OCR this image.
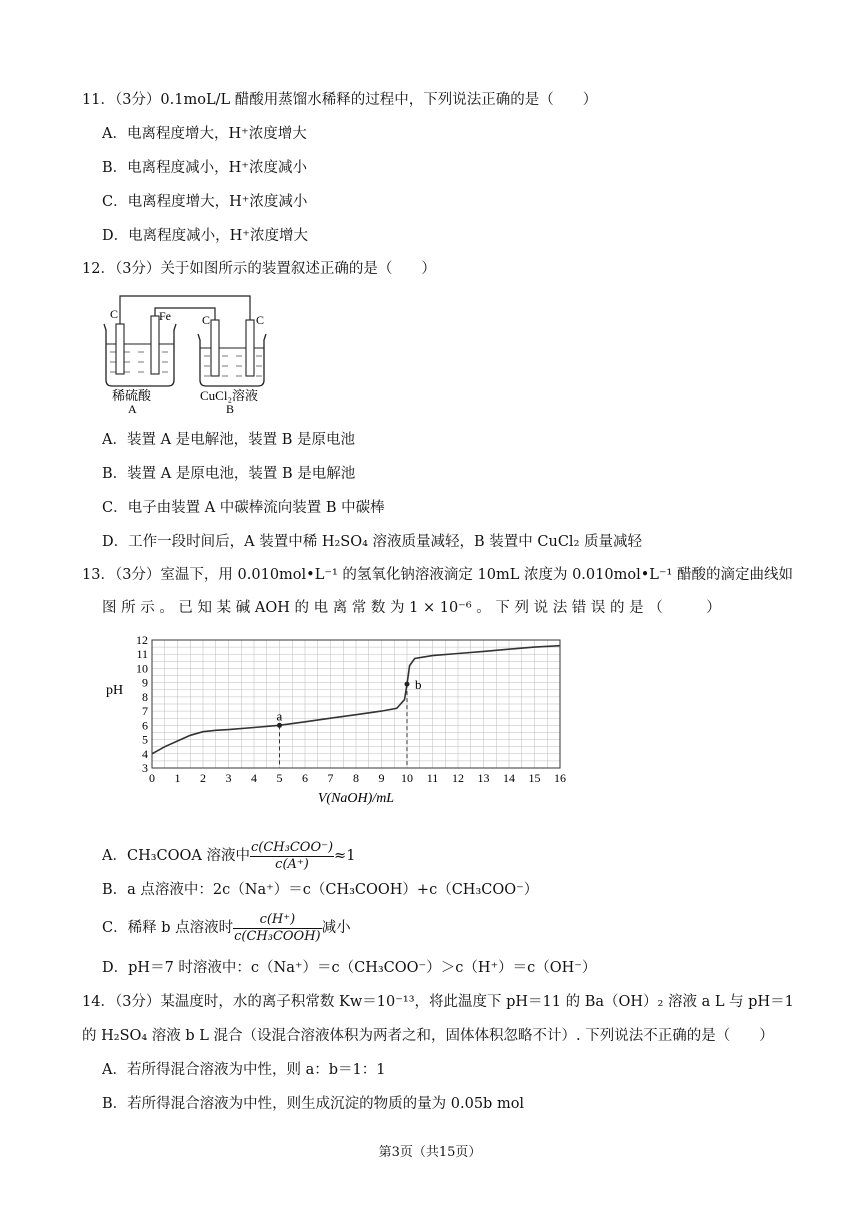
11．（3分）0.1moL/L 醋酸用蒸馏水稀释的过程中，下列说法正确的是（　　）
A．电离程度增大，H⁺浓度增大
B．电离程度减小，H⁺浓度减小
C．电离程度增大，H⁺浓度减小
D．电离程度减小，H⁺浓度增大
12．（3分）关于如图所示的装置叙述正确的是（　　）
C	Fe	C	C
稀硫酸
A
CuCl₂溶液
B
A．装置 A 是电解池，装置 B 是原电池
B．装置 A 是原电池，装置 B 是电解池
C．电子由装置 A 中碳棒流向装置 B 中碳棒
D．工作一段时间后，A 装置中稀 H₂SO₄ 溶液质量减轻，B 装置中 CuCl₂ 质量减轻
13．（3分）室温下，用 0.010mol•L⁻¹ 的氢氧化钠溶液滴定 10mL 浓度为 0.010mol•L⁻¹ 醋酸的滴定曲线如
图 所 示 。 已 知 某 碱 AOH 的 电 离 常 数 为 1 × 10⁻⁶ 。 下 列 说 法 错 误 的 是 （　　　）
0 1 2 3 4 5 6 7 8 9 10 11 12 13 14 15 16
3
4
5
6
7
8
9
10
11
12
pH
V(NaOH)/mL
a
b
A．CH₃COOA 溶液中 $\frac{\text{c(CH₃COO⁻)}}{c(A^+)} \approx 1$
B．a 点溶液中：2c（Na⁺）＝c（CH₃COOH）+c（CH₃COO⁻）
C．稀释 b 点溶液时 $\frac{c(H^+)}{\text{c(CH₃COOH)}}$ 减小
D．pH＝7 时溶液中：c（Na⁺）＝c（CH₃COO⁻）＞c（H⁺）＝c（OH⁻）
14．（3分）某温度时，水的离子积常数 Kw＝10⁻¹³，将此温度下 pH＝11 的 Ba（OH）₂ 溶液 a L 与 pH＝1
的 H₂SO₄ 溶液 b L 混合（设混合溶液体积为两者之和，固体体积忽略不计）. 下列说法不正确的是（　　）
A．若所得混合溶液为中性，则 a：b＝1：1
B．若所得混合溶液为中性，则生成沉淀的物质的量为 0.05b mol
第3页（共15页）
